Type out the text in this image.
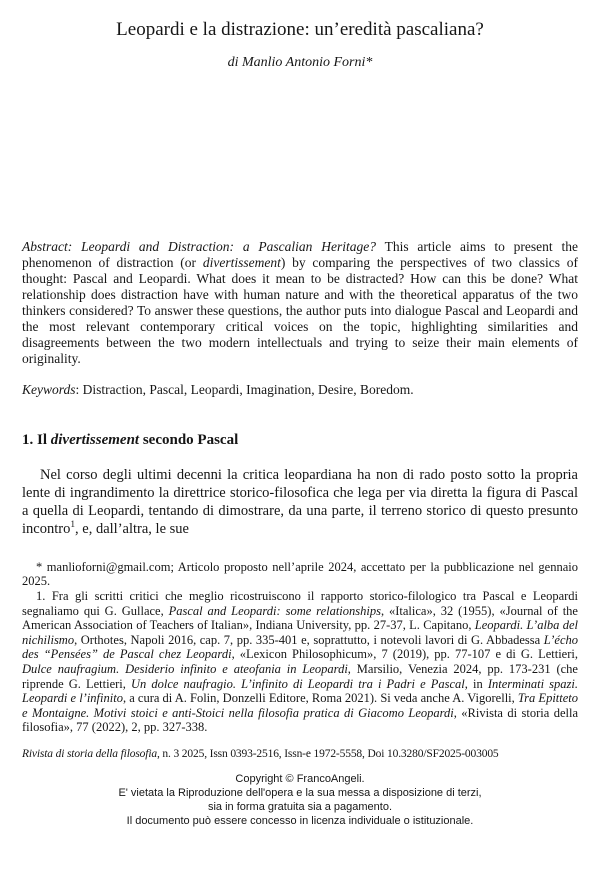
Leopardi e la distrazione: un’eredità pascaliana?
di Manlio Antonio Forni*

Abstract: Leopardi and Distraction: a Pascalian Heritage? This article aims to present the phenomenon of distraction (or divertissement) by comparing the perspectives of two classics of thought: Pascal and Leopardi. What does it mean to be distracted? How can this be done? What relationship does distraction have with human nature and with the theoretical apparatus of the two thinkers considered? To answer these questions, the author puts into dialogue Pascal and Leopardi and the most relevant contemporary critical voices on the topic, highlighting similarities and disagreements between the two modern intellectuals and trying to seize their main elements of originality.

Keywords: Distraction, Pascal, Leopardi, Imagination, Desire, Boredom.

1. Il divertissement secondo Pascal

Nel corso degli ultimi decenni la critica leopardiana ha non di rado posto sotto la propria lente di ingrandimento la direttrice storico-filosofica che lega per via diretta la figura di Pascal a quella di Leopardi, tentando di dimostrare, da una parte, il terreno storico di questo presunto incontro$^1$, e, dall’altra, le sue

* manlioforni@gmail.com; Articolo proposto nell’aprile 2024, accettato per la pubblicazione nel gennaio 2025.

1. Fra gli scritti critici che meglio ricostruiscono il rapporto storico-filologico tra Pascal e Leopardi segnaliamo qui G. Gullace, Pascal and Leopardi: some relationships, «Italica», 32 (1955), «Journal of the American Association of Teachers of Italian», Indiana University, pp. 27-37, L. Capitano, Leopardi. L’alba del nichilismo, Orthotes, Napoli 2016, cap. 7, pp. 335-401 e, soprattutto, i notevoli lavori di G. Abbadessa L’écho des “Pensées” de Pascal chez Leopardi, «Lexicon Philosophicum», 7 (2019), pp. 77-107 e di G. Lettieri, Dulce naufragium. Desiderio infinito e ateofania in Leopardi, Marsilio, Venezia 2024, pp. 173-231 (che riprende G. Lettieri, Un dolce naufragio. L’infinito di Leopardi tra i Padri e Pascal, in Interminati spazi. Leopardi e l’infinito, a cura di A. Folin, Donzelli Editore, Roma 2021). Si veda anche A. Vigorelli, Tra Epitteto e Montaigne. Motivi stoici e anti-Stoici nella filosofia pratica di Giacomo Leopardi, «Rivista di storia della filosofia», 77 (2022), 2, pp. 327-338.

Rivista di storia della filosofia, n. 3 2025, Issn 0393-2516, Issn-e 1972-5558, Doi 10.3280/SF2025-003005
Copyright © FrancoAngeli.
E' vietata la Riproduzione dell'opera e la sua messa a disposizione di terzi,
sia in forma gratuita sia a pagamento.
Il documento può essere concesso in licenza individuale o istituzionale.
